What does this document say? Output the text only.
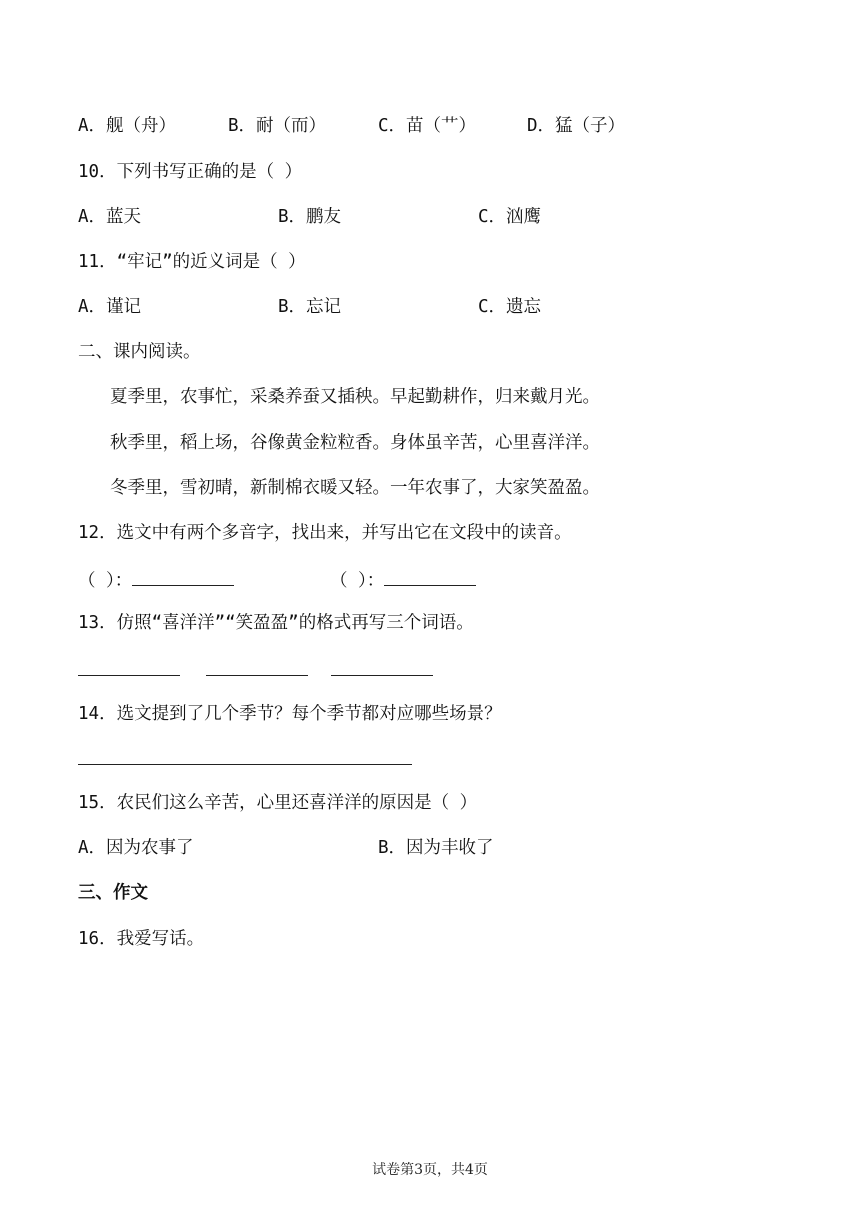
A．舰（舟）	B．耐（而）	C．苗（艹）	D．猛（子）
10．下列书写正确的是（ ）
A．蓝天	B．鹏友	C．汹鹰
11．“牢记”的近义词是（ ）
A．谨记	B．忘记	C．遗忘
二、课内阅读。
夏季里，农事忙，采桑养蚕又插秧。早起勤耕作，归来戴月光。
秋季里，稻上场，谷像黄金粒粒香。身体虽辛苦，心里喜洋洋。
冬季里，雪初晴，新制棉衣暖又轻。一年农事了，大家笑盈盈。
12．选文中有两个多音字，找出来，并写出它在文段中的读音。
（ ）：	（ ）：
13．仿照“喜洋洋”“笑盈盈”的格式再写三个词语。
14．选文提到了几个季节？每个季节都对应哪些场景？
15．农民们这么辛苦，心里还喜洋洋的原因是（ ）
A．因为农事了	B．因为丰收了
三、作文
16．我爱写话。
试卷第3页，共4页
